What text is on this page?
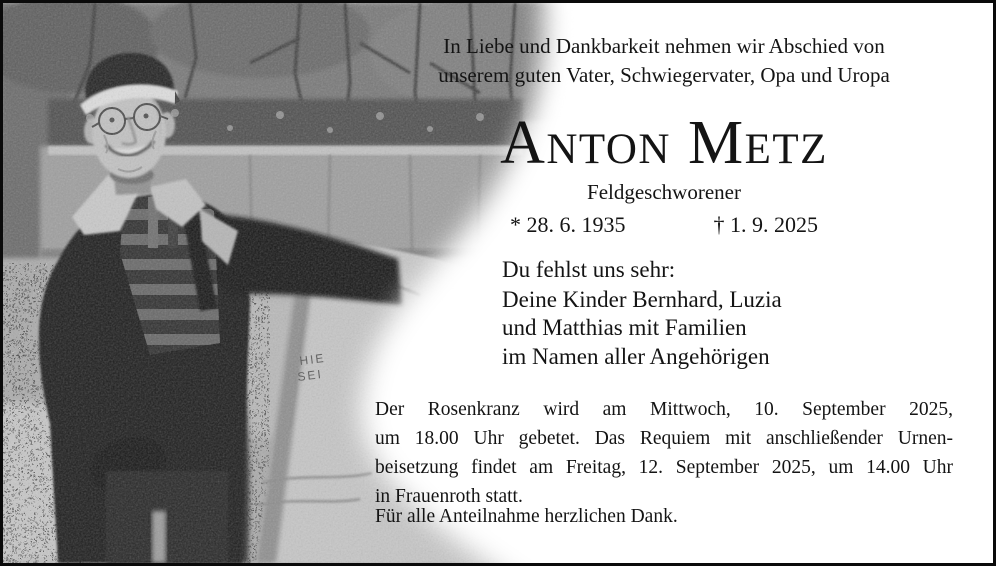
In Liebe und Dankbarkeit nehmen wir Abschied von
unserem guten Vater, Schwiegervater, Opa und Uropa
Anton Metz
Feldgeschworener
* 28. 6. 1935	† 1. 9. 2025
Du fehlst uns sehr:
Deine Kinder Bernhard, Luzia
und Matthias mit Familien
im Namen aller Angehörigen
Der Rosenkranz wird am Mittwoch, 10. September 2025,
um 18.00 Uhr gebetet. Das Requiem mit anschließender Urnen-
beisetzung findet am Freitag, 12. September 2025, um 14.00 Uhr
in Frauenroth statt.
Für alle Anteilnahme herzlichen Dank.
